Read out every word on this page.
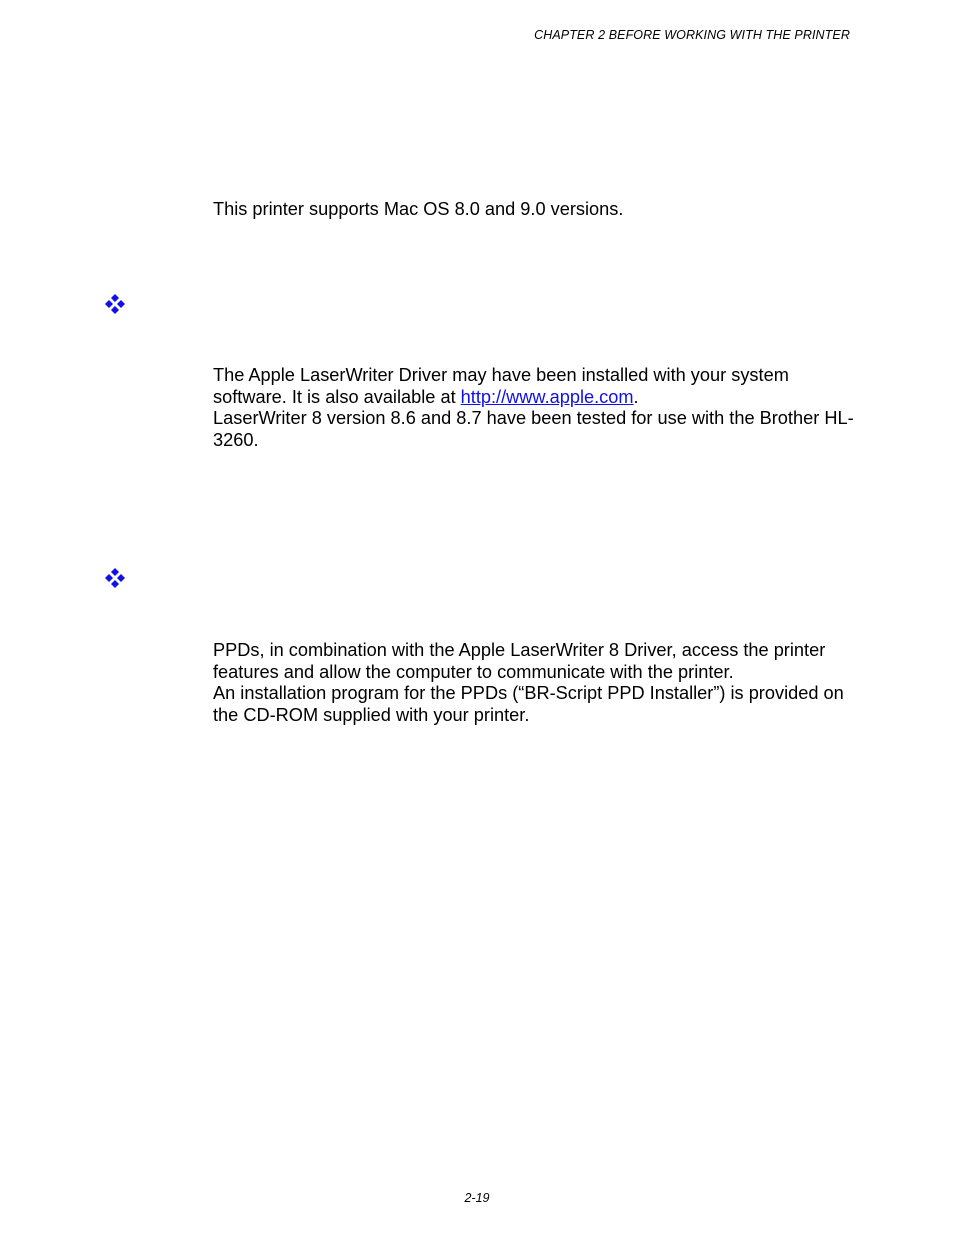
CHAPTER 2 BEFORE WORKING WITH THE PRINTER

This printer supports Mac OS 8.0 and 9.0 versions.

The Apple LaserWriter Driver may have been installed with your system

software. It is also available at http://www.apple.com.

LaserWriter 8 version 8.6 and 8.7 have been tested for use with the Brother HL-3260.

PPDs, in combination with the Apple LaserWriter 8 Driver, access the printer features and allow the computer to communicate with the printer.

An installation program for the PPDs (“BR-Script PPD Installer”) is provided on the CD-ROM supplied with your printer.

2-19
